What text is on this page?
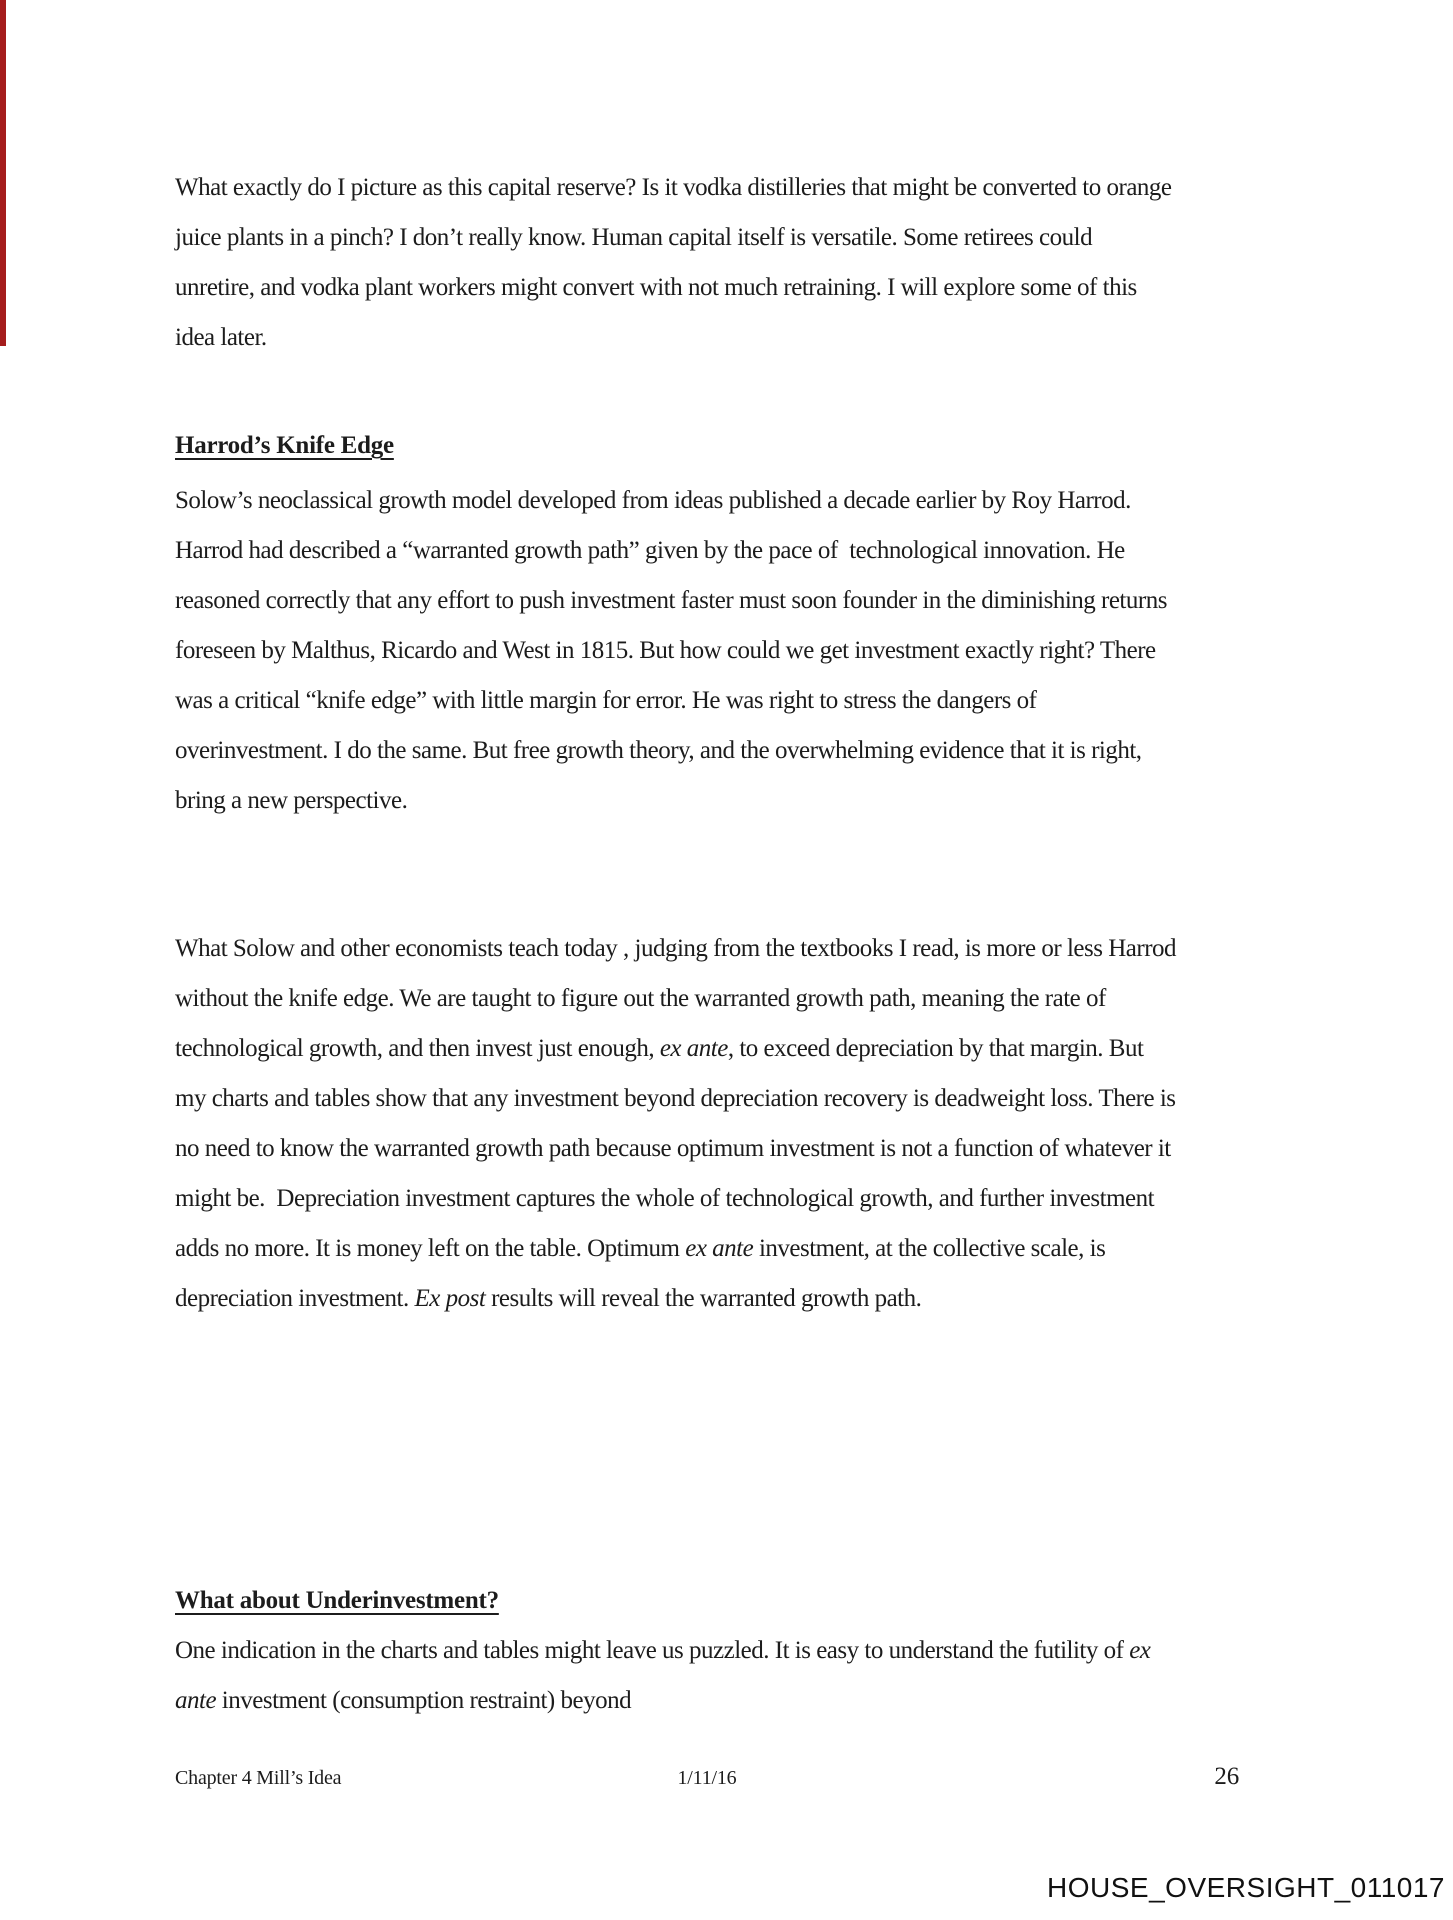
What exactly do I picture as this capital reserve? Is it vodka distilleries that might be converted to orange juice plants in a pinch? I don’t really know. Human capital itself is versatile. Some retirees could unretire, and vodka plant workers might convert with not much retraining. I will explore some of this idea later.

Harrod’s Knife Edge

Solow’s neoclassical growth model developed from ideas published a decade earlier by Roy Harrod. Harrod had described a “warranted growth path” given by the pace of  technological innovation. He reasoned correctly that any effort to push investment faster must soon founder in the diminishing returns foreseen by Malthus, Ricardo and West in 1815. But how could we get investment exactly right? There was a critical “knife edge” with little margin for error. He was right to stress the dangers of overinvestment. I do the same. But free growth theory, and the overwhelming evidence that it is right, bring a new perspective.

What Solow and other economists teach today , judging from the textbooks I read, is more or less Harrod without the knife edge. We are taught to figure out the warranted growth path, meaning the rate of technological growth, and then invest just enough, ex ante, to exceed depreciation by that margin. But my charts and tables show that any investment beyond depreciation recovery is deadweight loss. There is no need to know the warranted growth path because optimum investment is not a function of whatever it might be.  Depreciation investment captures the whole of technological growth, and further investment adds no more. It is money left on the table. Optimum ex ante investment, at the collective scale, is depreciation investment. Ex post results will reveal the warranted growth path.

What about Underinvestment?

One indication in the charts and tables might leave us puzzled. It is easy to understand the futility of ex ante investment (consumption restraint) beyond

Chapter 4 Mill’s Idea	1/11/16	26
HOUSE_OVERSIGHT_011017
